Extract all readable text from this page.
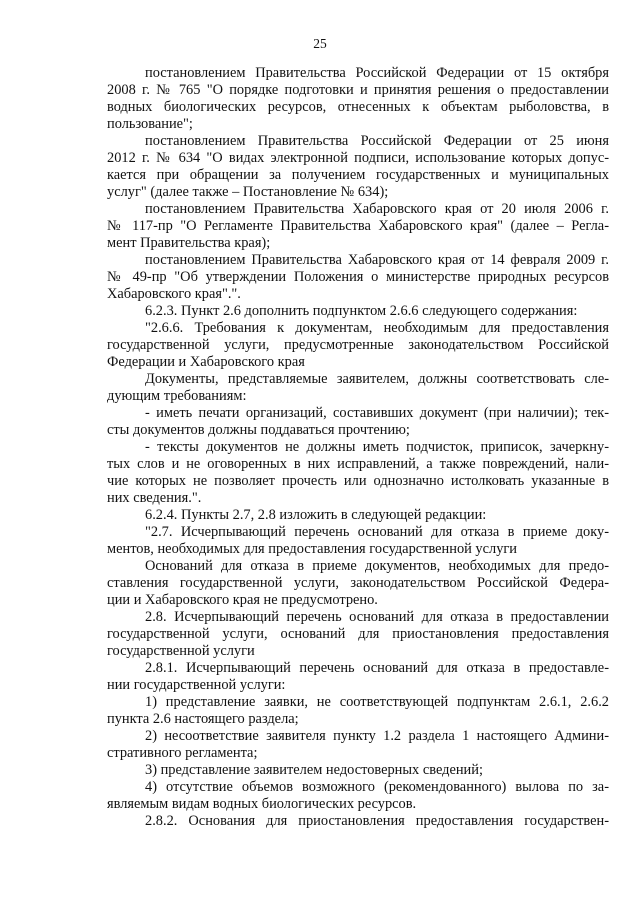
25

постановлением Правительства Российской Федерации от 15 октября

2008 г. № 765 "О порядке подготовки и принятия решения о предоставлении

водных биологических ресурсов, отнесенных к объектам рыболовства, в

пользование";

постановлением Правительства Российской Федерации от 25 июня

2012 г. № 634 "О видах электронной подписи, использование которых допус-

кается при обращении за получением государственных и муниципальных

услуг" (далее также – Постановление № 634);

постановлением Правительства Хабаровского края от 20 июля 2006 г.

№ 117-пр "О Регламенте Правительства Хабаровского края" (далее – Регла-

мент Правительства края);

постановлением Правительства Хабаровского края от 14 февраля 2009 г.

№ 49-пр "Об утверждении Положения о министерстве природных ресурсов

Хабаровского края".".

6.2.3. Пункт 2.6 дополнить подпунктом 2.6.6 следующего содержания:

"2.6.6. Требования к документам, необходимым для предоставления

государственной услуги, предусмотренные законодательством Российской

Федерации и Хабаровского края

Документы, представляемые заявителем, должны соответствовать сле-

дующим требованиям:

- иметь печати организаций, составивших документ (при наличии); тек-

сты документов должны поддаваться прочтению;

- тексты документов не должны иметь подчисток, приписок, зачеркну-

тых слов и не оговоренных в них исправлений, а также повреждений, нали-

чие которых не позволяет прочесть или однозначно истолковать указанные в

них сведения.".

6.2.4. Пункты 2.7, 2.8 изложить в следующей редакции:

"2.7. Исчерпывающий перечень оснований для отказа в приеме доку-

ментов, необходимых для предоставления государственной услуги

Оснований для отказа в приеме документов, необходимых для предо-

ставления государственной услуги, законодательством Российской Федера-

ции и Хабаровского края не предусмотрено.

2.8. Исчерпывающий перечень оснований для отказа в предоставлении

государственной услуги, оснований для приостановления предоставления

государственной услуги

2.8.1. Исчерпывающий перечень оснований для отказа в предоставле-

нии государственной услуги:

1) представление заявки, не соответствующей подпунктам 2.6.1, 2.6.2

пункта 2.6 настоящего раздела;

2) несоответствие заявителя пункту 1.2 раздела 1 настоящего Админи-

стративного регламента;

3) представление заявителем недостоверных сведений;

4) отсутствие объемов возможного (рекомендованного) вылова по за-

являемым видам водных биологических ресурсов.

2.8.2. Основания для приостановления предоставления государствен-
